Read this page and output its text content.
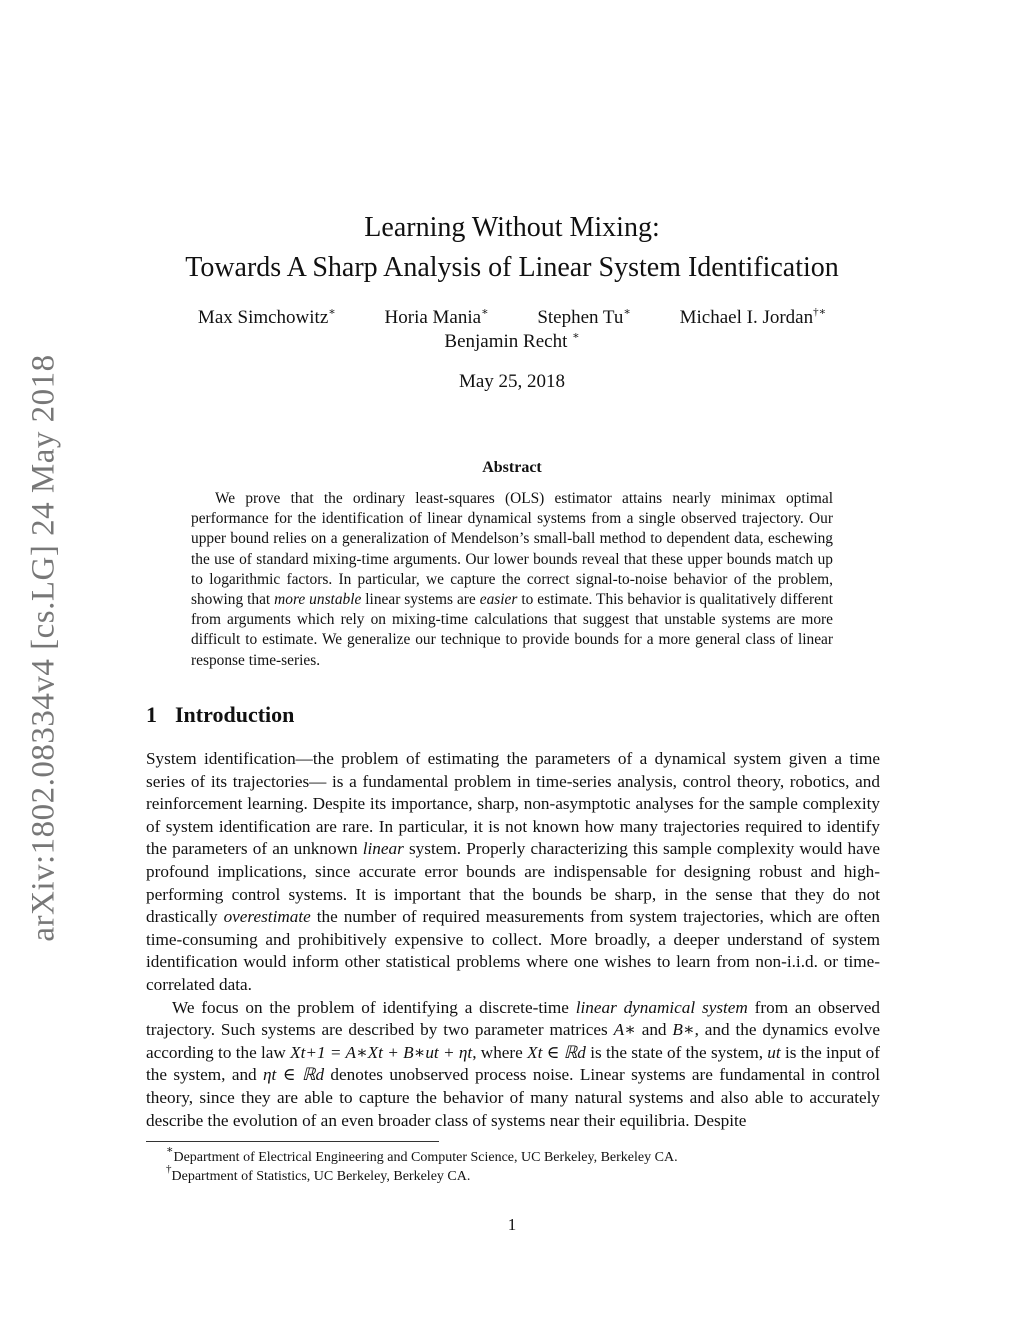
arXiv:1802.08334v4 [cs.LG] 24 May 2018
Learning Without Mixing:
Towards A Sharp Analysis of Linear System Identification
Max Simchowitz∗	Horia Mania∗	Stephen Tu∗	Michael I. Jordan†∗
Benjamin Recht ∗
May 25, 2018
Abstract

We prove that the ordinary least-squares (OLS) estimator attains nearly minimax optimal performance for the identification of linear dynamical systems from a single observed trajectory. Our upper bound relies on a generalization of Mendelson’s small-ball method to dependent data, eschewing the use of standard mixing-time arguments. Our lower bounds reveal that these upper bounds match up to logarithmic factors. In particular, we capture the correct signal-to-noise behavior of the problem, showing that more unstable linear systems are easier to estimate. This behavior is qualitatively different from arguments which rely on mixing-time calculations that suggest that unstable systems are more difficult to estimate. We generalize our technique to provide bounds for a more general class of linear response time-series.

1 Introduction

System identification—the problem of estimating the parameters of a dynamical system given a time series of its trajectories— is a fundamental problem in time-series analysis, control theory, robotics, and reinforcement learning. Despite its importance, sharp, non-asymptotic analyses for the sample complexity of system identification are rare. In particular, it is not known how many trajectories required to identify the parameters of an unknown linear system. Properly characterizing this sample complexity would have profound implications, since accurate error bounds are indispensable for designing robust and high-performing control systems. It is important that the bounds be sharp, in the sense that they do not drastically overestimate the number of required measurements from system trajectories, which are often time-consuming and prohibitively expensive to collect. More broadly, a deeper understand of system identification would inform other statistical problems where one wishes to learn from non-i.i.d. or time-correlated data.

We focus on the problem of identifying a discrete-time linear dynamical system from an observed trajectory. Such systems are described by two parameter matrices A∗ and B∗, and the dynamics evolve according to the law Xt+1 = A∗Xt + B∗ut + ηt, where Xt ∈ ℝd is the state of the system, ut is the input of the system, and ηt ∈ ℝd denotes unobserved process noise. Linear systems are fundamental in control theory, since they are able to capture the behavior of many natural systems and also able to accurately describe the evolution of an even broader class of systems near their equilibria. Despite

∗Department of Electrical Engineering and Computer Science, UC Berkeley, Berkeley CA.
†Department of Statistics, UC Berkeley, Berkeley CA.
1
